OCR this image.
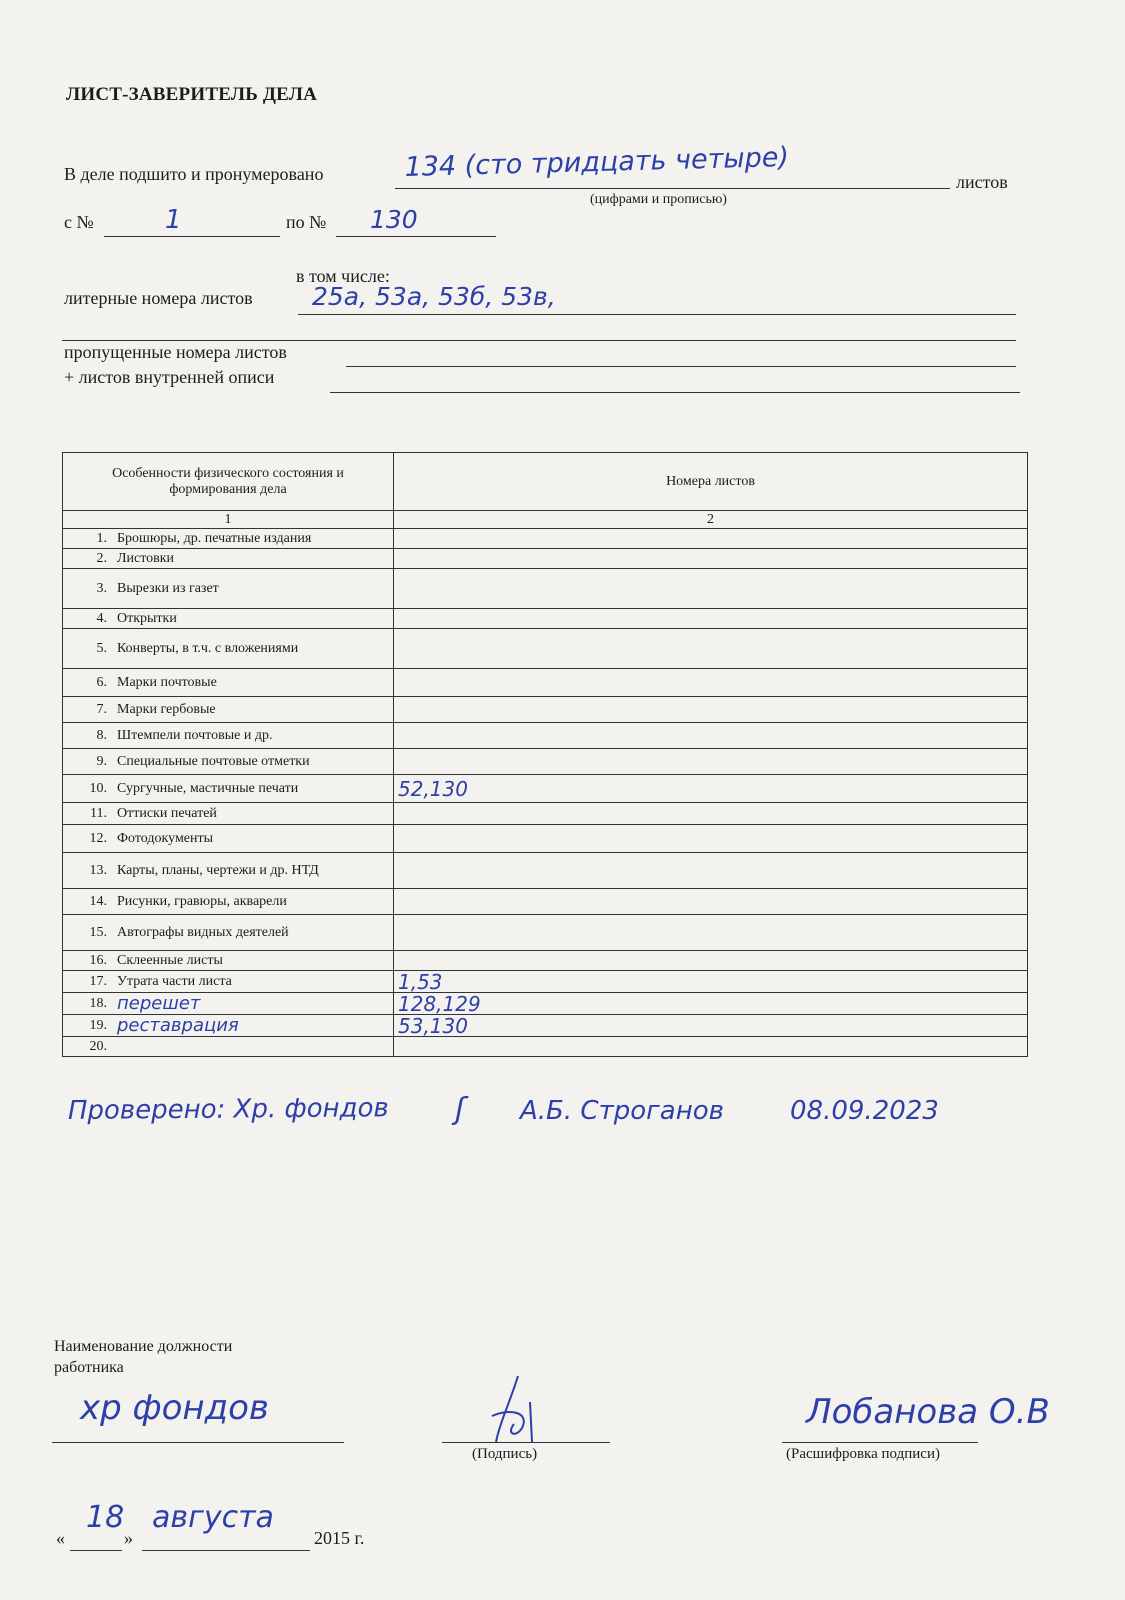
ЛИСТ-ЗАВЕРИТЕЛЬ ДЕЛА
В деле подшито и пронумеровано	134 (сто тридцать четыре)	листов
(цифрами и прописью)
с №	1	по № 130
в том числе:
литерные номера листов 25а, 53а, 53б, 53в,
пропущенные номера листов
+ листов внутренней описи
Особенности физического состояния и формирования дела	Номера листов
1	2

1. Брошюры, др. печатные издания	

2. Листовки	

3. Вырезки из газет	

4. Открытки	

5. Конверты, в т.ч. с вложениями	

6. Марки почтовые	

7. Марки гербовые	

8. Штемпели почтовые и др.	

9. Специальные почтовые отметки	

10. Сургучные, мастичные печати	52,130

11. Оттиски печатей	

12. Фотодокументы	

13. Карты, планы, чертежи и др. НТД	

14. Рисунки, гравюры, акварели	

15. Автографы видных деятелей	

16. Склеенные листы	

17. Утрата части листа	1,53

18. перешет	128,129

19. реставрация	53,130

20.	

Проверено: Хр. фондов ʃ А.Б. Строганов	08.09.2023
Наименование должности работника
хр фондов
(Подпись)
Лобанова О.В
(Расшифровка подписи)
«
18
»
августа
2015 г.
